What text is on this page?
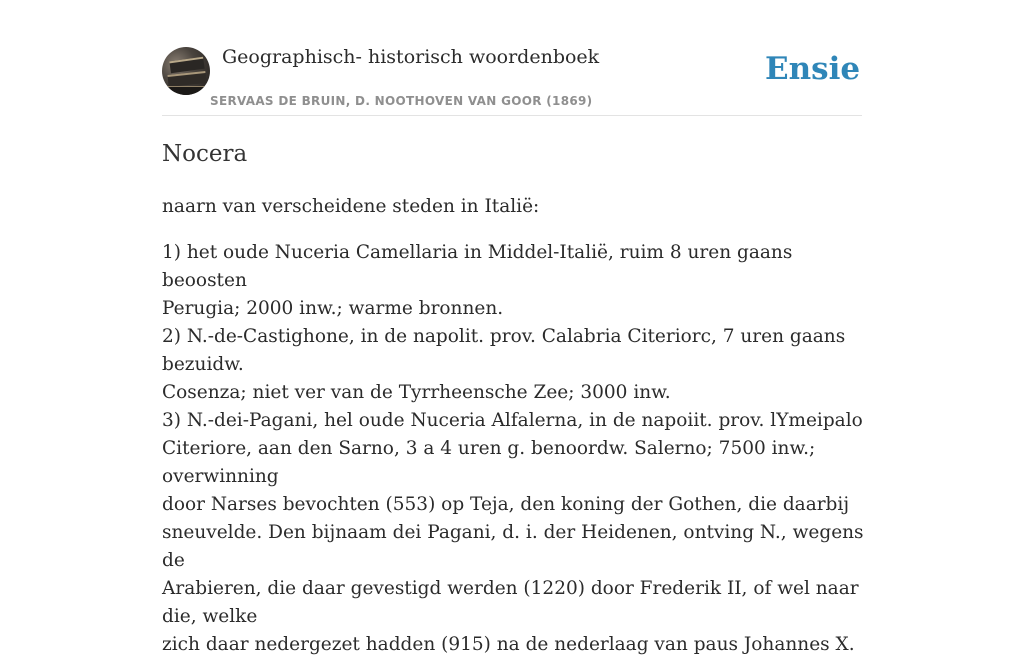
Geographisch- historisch woordenboek
SERVAAS DE BRUIN, D. NOOTHOVEN VAN GOOR (1869)
Ensie
Nocera

naarn van verscheidene steden in Italië:

1) het oude Nuceria Camellaria in Middel-Italië, ruim 8 uren gaans beoosten
Perugia; 2000 inw.; warme bronnen.
2) N.-de-Castighone, in de napolit. prov. Calabria Citeriorc, 7 uren gaans bezuidw.
Cosenza; niet ver van de Tyrrheensche Zee; 3000 inw.
3) N.-dei-Pagani, hel oude Nuceria Alfalerna, in de napoiit. prov. lYmeipalo
Citeriore, aan den Sarno, 3 a 4 uren g. benoordw. Salerno; 7500 inw.; overwinning
door Narses bevochten (553) op Teja, den koning der Gothen, die daarbij
sneuvelde. Den bijnaam dei Pagani, d. i. der Heidenen, ontving N., wegens de
Arabieren, die daar gevestigd werden (1220) door Frederik II, of wel naar die, welke
zich daar nedergezet hadden (915) na de nederlaag van paus Johannes X.
